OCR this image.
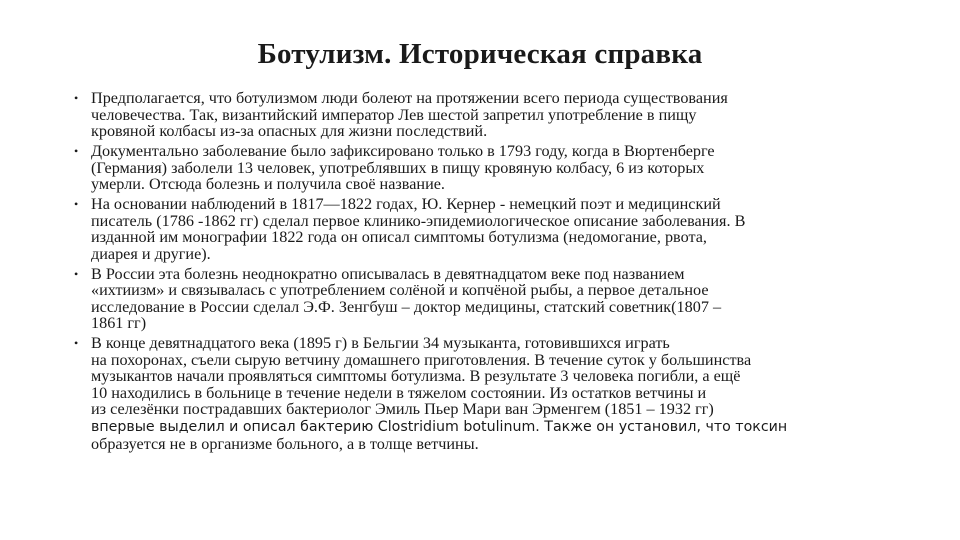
Ботулизм. Историческая справка
• Предполагается, что ботулизмом люди болеют на протяжении всего периода существования
человечества. Так, византийский император Лев шестой запретил употребление в пищу
кровяной колбасы из-за опасных для жизни последствий.
• Документально заболевание было зафиксировано только в 1793 году, когда в Вюртенберге
(Германия) заболели 13 человек, употреблявших в пищу кровяную колбасу, 6 из которых
умерли. Отсюда болезнь и получила своё название.
• На основании наблюдений в 1817—1822 годах, Ю. Кернер - немецкий поэт и медицинский
писатель (1786 -1862 гг) сделал первое клинико-эпидемиологическое описание заболевания. В
изданной им монографии 1822 года он описал симптомы ботулизма (недомогание, рвота,
диарея и другие).
• В России эта болезнь неоднократно описывалась в девятнадцатом веке под названием
«ихтиизм» и связывалась с употреблением солёной и копчёной рыбы, а первое детальное
исследование в России сделал Э.Ф. Зенгбуш – доктор медицины, статский советник(1807 –
1861 гг)
• В конце девятнадцатого века (1895 г) в Бельгии 34 музыканта, готовившихся играть
на похоронах, съели сырую ветчину домашнего приготовления. В течение суток у большинства
музыкантов начали проявляться симптомы ботулизма. В результате 3 человека погибли, а ещё
10 находились в больнице в течение недели в тяжелом состоянии. Из остатков ветчины и
из селезёнки пострадавших бактериолог Эмиль Пьер Мари ван Эрменгем (1851 – 1932 гг)
впервые выделил и описал бактерию Clostridium botulinum. Также он установил, что токсин
образуется не в организме больного, а в толще ветчины.
